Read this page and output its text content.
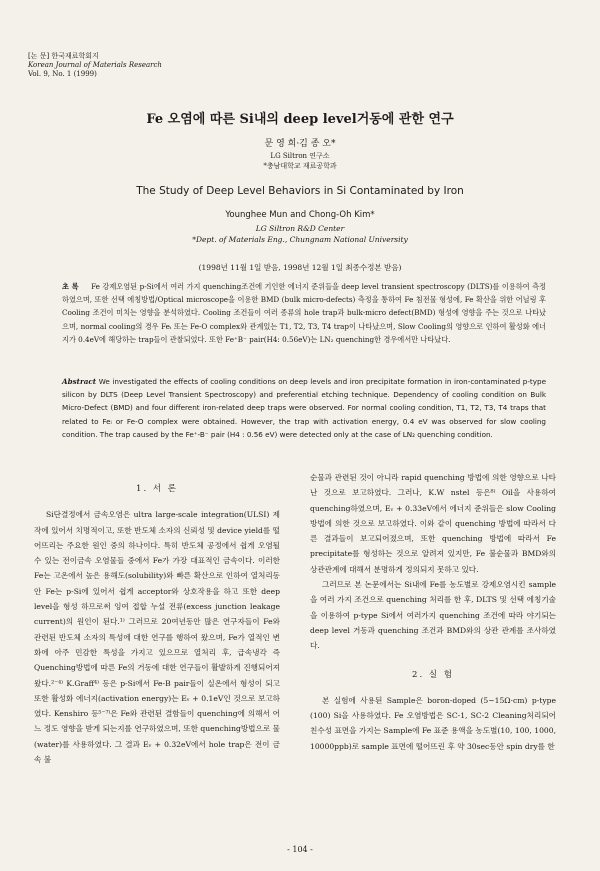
[논 문] 한국재료학회지
Korean Journal of Materials Research
Vol. 9, No. 1 (1999)
Fe 오염에 따른 Si내의 deep level거동에 관한 연구
문 영 희·김 종 오*
LG Siltron 연구소
*충남대학교 재료공학과
The Study of Deep Level Behaviors in Si Contaminated by Iron
Younghee Mun and Chong-Oh Kim*
LG Siltron R&D Center
*Dept. of Materials Eng., Chungnam National University
(1998년 11월 1일 받음, 1998년 12월 1일 최종수정본 받음)
초 록 Fe 강제오염된 p-Si에서 여러 가지 quenching조건에 기인한 에너지 준위들을 deep level transient spectroscopy (DLTS)를 이용하여 측정하였으며, 또한 선택 에칭방법/Optical microscope을 이용한 BMD (bulk micro-defects) 측정을 통하여 Fe 침전물 형성에, Fe 확산을 위한 어닐링 후 Cooling 조건이 미치는 영향을 분석하였다. Cooling 조건들이 여러 종류의 hole trap과 bulk-micro defect(BMD) 형성에 영향을 주는 것으로 나타났으며, normal cooling의 경우 Feᵢ 또는 Fe-O complex와 관계있는 T1, T2, T3, T4 trap이 나타났으며, Slow Cooling의 영향으로 인하여 활성화 에너지가 0.4eV에 해당하는 trap들이 관찰되었다. 또한 Fe⁺B⁻ pair(H4: 0.56eV)는 LN₂ quenching한 경우에서만 나타났다.
Abstract We investigated the effects of cooling conditions on deep levels and iron precipitate formation in iron-contaminated p-type silicon by DLTS (Deep Level Transient Spectroscopy) and preferential etching technique. Dependency of cooling condition on Bulk Micro-Defect (BMD) and four different iron-related deep traps were observed. For normal cooling condition, T1, T2, T3, T4 traps that related to Feᵢ or Fe-O complex were obtained. However, the trap with activation energy, 0.4 eV was observed for slow cooling condition. The trap caused by the Fe⁺-B⁻ pair (H4 : 0.56 eV) were detected only at the case of LN₂ quenching condition.
1. 서 론

Si단결정에서 금속오염은 ultra large-scale integration(ULSI) 제작에 있어서 치명적이고, 또한 반도체 소자의 신뢰성 및 device yield를 떨어뜨리는 주요한 원인 중의 하나이다. 특히 반도체 공정에서 쉽게 오염될 수 있는 전이금속 오염물들 중에서 Fe가 가장 대표적인 금속이다. 이러한 Fe는 고온에서 높은 용해도(solubility)와 빠른 확산으로 인하여 열처리동안 Fe는 p-Si에 있어서 쉽게 acceptor와 상호작용을 하고 또한 deep level을 형성 하므로써 잉여 접합 누설 전류(excess junction leakage current)의 원인이 된다.¹⁾ 그러므로 20여년동안 많은 연구자들이 Fe와 관련된 반도체 소자의 특성에 대한 연구를 행하여 왔으며, Fe가 열적인 변화에 아주 민감한 특성을 가지고 있으므로 열처리 후, 급속냉각 즉 Quenching방법에 따른 Fe의 거동에 대한 연구들이 활발하게 진행되어져 왔다.²⁻⁴⁾ K.Graff⁴⁾ 등은 p-Si에서 Fe-B pair들이 실온에서 형성이 되고 또한 활성화 에너지(activation energy)는 Eᵥ + 0.1eV인 것으로 보고하였다. Kenshiro 등⁵⁻⁷⁾은 Fe와 관련된 결함들이 quenching에 의해서 어느 정도 영향을 받게 되는지를 연구하였으며, 또한 quenching방법으로 물(water)를 사용하였다. 그 결과 Eᵥ + 0.32eV에서 hole trap은 전이 금속 불

순물과 관련된 것이 아니라 rapid quenching 방법에 의한 영향으로 나타난 것으로 보고하였다. 그러나, K.W nstel 등은⁸⁾ Oil을 사용하여 quenching하였으며, Eᵥ + 0.33eV에서 에너지 준위들은 slow Cooling 방법에 의한 것으로 보고하였다. 이와 같이 quenching 방법에 따라서 다른 결과들이 보고되어졌으며, 또한 quenching 방법에 따라서 Fe precipitate를 형성하는 것으로 알려져 있지만, Fe 불순물과 BMD와의 상관관계에 대해서 분명하게 정의되지 못하고 있다.

그러므로 본 논문에서는 Si내에 Fe를 농도별로 강제오염시킨 sample을 여러 가지 조건으로 quenching 처리를 한 후, DLTS 및 선택 에칭기술을 이용하여 p-type Si에서 여러가지 quenching 조건에 따라 야기되는 deep level 거동과 quenching 조건과 BMD와의 상관 관계를 조사하였다.

2. 실 험

본 실험에 사용된 Sample은 boron-doped (5~15Ω·cm) p-type (100) Si을 사용하였다. Fe 오염방법은 SC-1, SC-2 Cleaning처리되어 친수성 표면을 가지는 Sample에 Fe 표준 용액을 농도별(10, 100, 1000, 10000ppb)로 sample 표면에 떨어뜨린 후 약 30sec동안 spin dry를 한

- 104 -
